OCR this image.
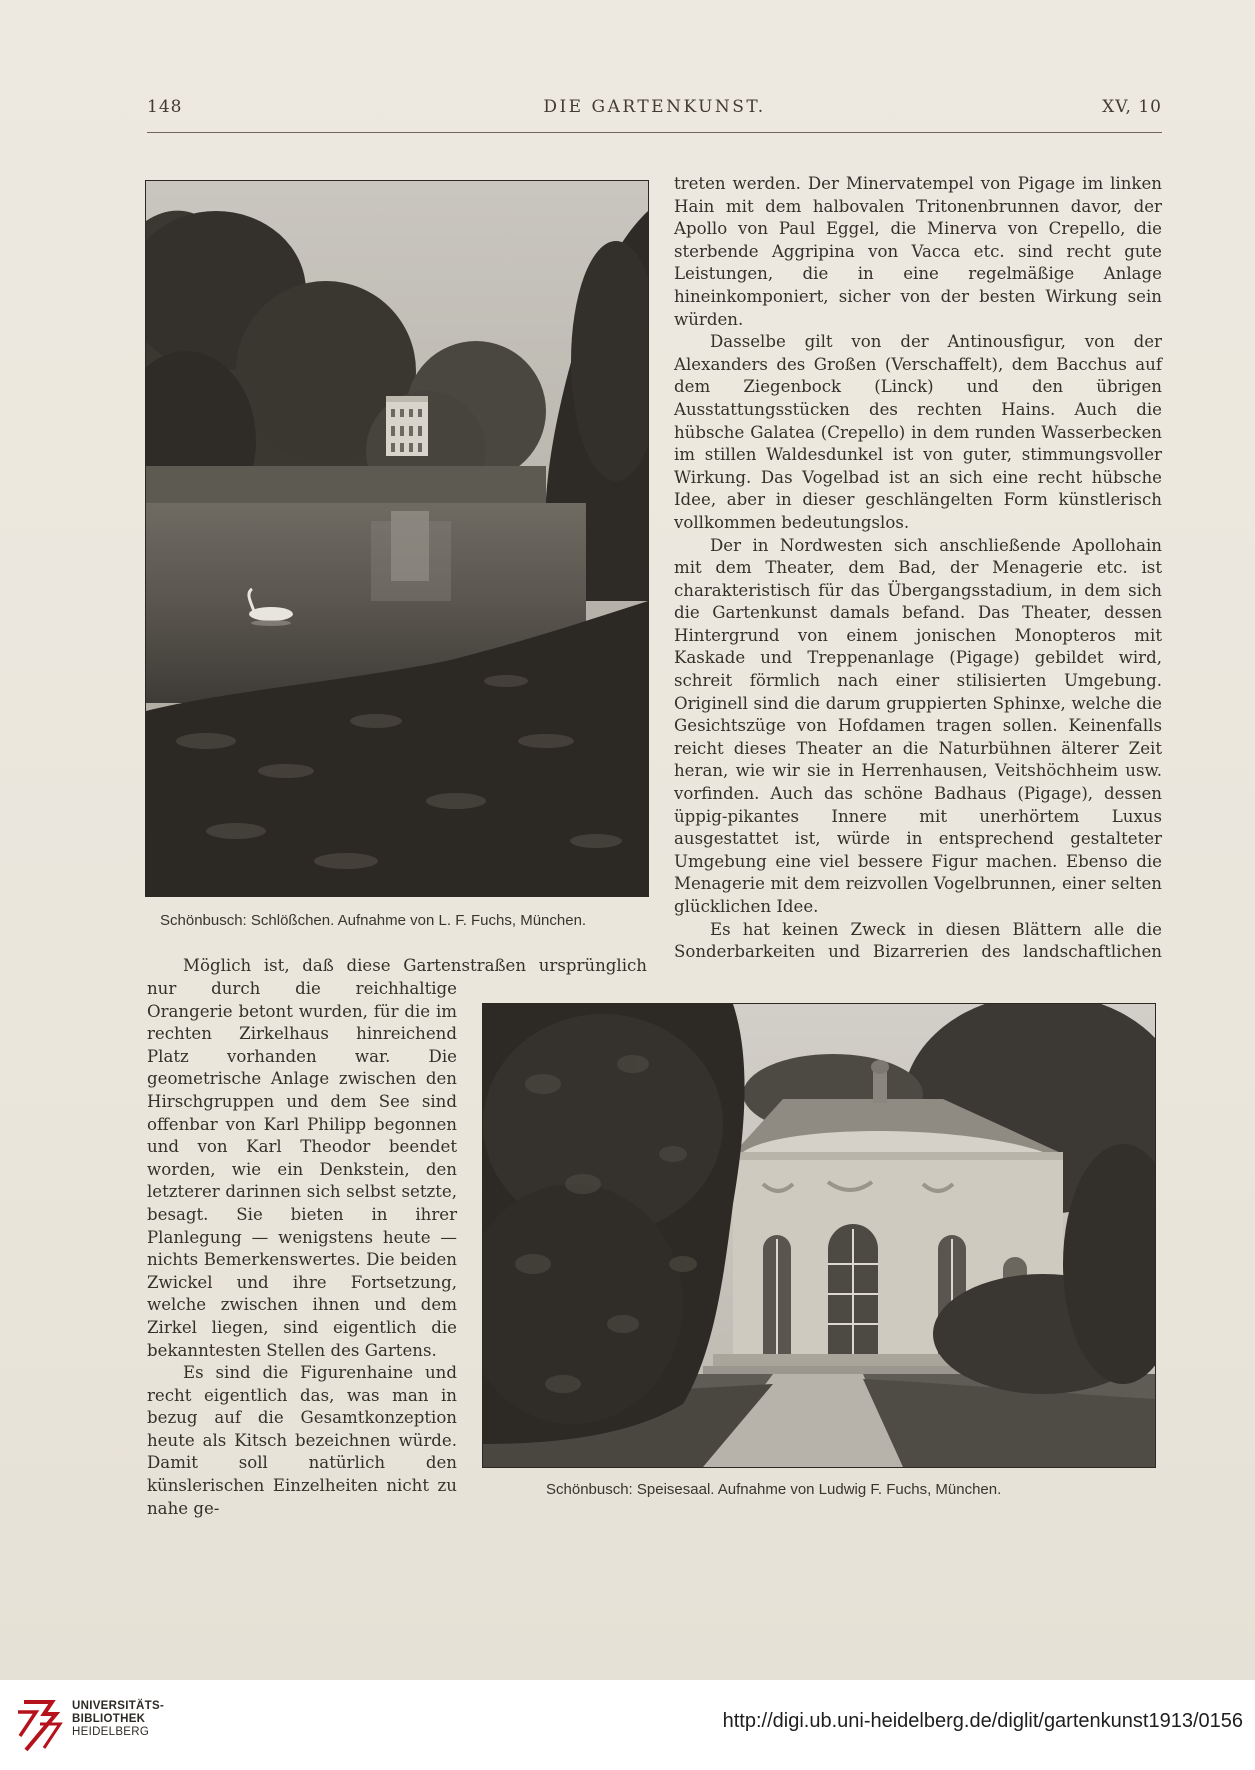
148	DIE GARTENKUNST.	XV, 10
Schönbusch: Schlößchen. Aufnahme von L. F. Fuchs, München.

treten werden. Der Minervatempel von Pigage im linken Hain mit dem halbovalen Tritonenbrunnen davor, der Apollo von Paul Eggel, die Minerva von Crepello, die sterbende Aggripina von Vacca etc. sind recht gute Leistungen, die in eine regelmäßige Anlage hineinkomponiert, sicher von der besten Wirkung sein würden.

Dasselbe gilt von der Antinousfigur, von der Alexanders des Großen (Verschaffelt), dem Bacchus auf dem Ziegenbock (Linck) und den übrigen Ausstattungsstücken des rechten Hains. Auch die hübsche Galatea (Crepello) in dem runden Wasserbecken im stillen Waldesdunkel ist von guter, stimmungsvoller Wirkung. Das Vogelbad ist an sich eine recht hübsche Idee, aber in dieser geschlängelten Form künstlerisch vollkommen bedeutungslos.

Der in Nordwesten sich anschließende Apollohain mit dem Theater, dem Bad, der Menagerie etc. ist charakteristisch für das Übergangsstadium, in dem sich die Gartenkunst damals befand. Das Theater, dessen Hintergrund von einem jonischen Monopteros mit Kaskade und Treppenanlage (Pigage) gebildet wird, schreit förmlich nach einer stilisierten Umgebung. Originell sind die darum gruppierten Sphinxe, welche die Gesichtszüge von Hofdamen tragen sollen. Keinenfalls reicht dieses Theater an die Naturbühnen älterer Zeit heran, wie wir sie in Herrenhausen, Veitshöchheim usw. vorfinden. Auch das schöne Badhaus (Pigage), dessen üppig-pikantes Innere mit unerhörtem Luxus ausgestattet ist, würde in entsprechend gestalteter Umgebung eine viel bessere Figur machen. Ebenso die Menagerie mit dem reizvollen Vogelbrunnen, einer selten glücklichen Idee.

Es hat keinen Zweck in diesen Blättern alle die Sonderbarkeiten und Bizarrerien des landschaftlichen

Möglich ist, daß diese Gartenstraßen ursprünglich

nur durch die reichhaltige Orangerie betont wurden, für die im rechten Zirkelhaus hinreichend Platz vorhanden war. Die geometrische Anlage zwischen den Hirschgruppen und dem See sind offenbar von Karl Philipp begonnen und von Karl Theodor beendet worden, wie ein Denkstein, den letzterer darinnen sich selbst setzte, besagt. Sie bieten in ihrer Planlegung — wenigstens heute — nichts Bemerkenswertes. Die beiden Zwickel und ihre Fortsetzung, welche zwischen ihnen und dem Zirkel liegen, sind eigentlich die bekanntesten Stellen des Gartens.

Es sind die Figurenhaine und recht eigentlich das, was man in bezug auf die Gesamtkonzeption heute als Kitsch bezeichnen würde. Damit soll natürlich den künslerischen Einzelheiten nicht zu nahe ge-

Schönbusch: Speisesaal. Aufnahme von Ludwig F. Fuchs, München.
UNIVERSITÄTS-
BIBLIOTHEK
HEIDELBERG	http://digi.ub.uni-heidelberg.de/diglit/gartenkunst1913/0156
